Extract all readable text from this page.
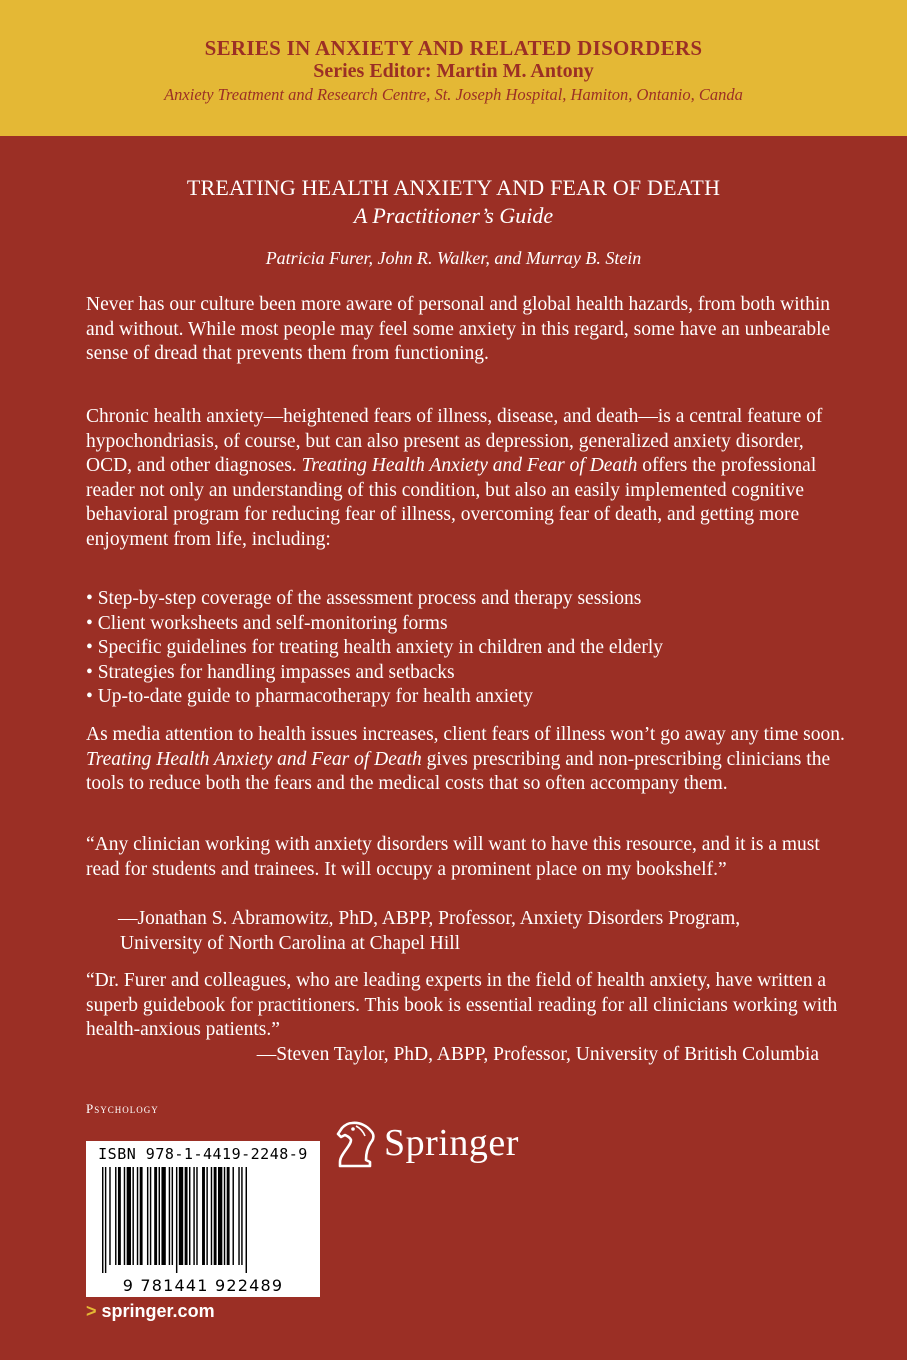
SERIES IN ANXIETY AND RELATED DISORDERS
Series Editor: Martin M. Antony
Anxiety Treatment and Research Centre, St. Joseph Hospital, Hamiton, Ontanio, Canda
TREATING HEALTH ANXIETY AND FEAR OF DEATH
A Practitioner’s Guide
Patricia Furer, John R. Walker, and Murray B. Stein

Never has our culture been more aware of personal and global health hazards, from both within and without. While most people may feel some anxiety in this regard, some have an unbearable sense of dread that prevents them from functioning.

Chronic health anxiety—heightened fears of illness, disease, and death—is a central feature of hypochondriasis, of course, but can also present as depression, generalized anxiety disorder, OCD, and other diagnoses. Treating Health Anxiety and Fear of Death offers the professional reader not only an understanding of this condition, but also an easily implemented cognitive behavioral program for reducing fear of illness, overcoming fear of death, and getting more enjoyment from life, including:

• Step-by-step coverage of the assessment process and therapy sessions
• Client worksheets and self-monitoring forms
• Specific guidelines for treating health anxiety in children and the elderly
• Strategies for handling impasses and setbacks
• Up-to-date guide to pharmacotherapy for health anxiety

As media attention to health issues increases, client fears of illness won’t go away any time soon. Treating Health Anxiety and Fear of Death gives prescribing and non-prescribing clinicians the tools to reduce both the fears and the medical costs that so often accompany them.

“Any clinician working with anxiety disorders will want to have this resource, and it is a must read for students and trainees. It will occupy a prominent place on my bookshelf.”

—Jonathan S. Abramowitz, PhD, ABPP, Professor, Anxiety Disorders Program,
University of North Carolina at Chapel Hill

“Dr. Furer and colleagues, who are leading experts in the field of health anxiety, have written a superb guidebook for practitioners. This book is essential reading for all clinicians working with health-anxious patients.”

—Steven Taylor, PhD, ABPP, Professor, University of British Columbia

Psychology
Springer
ISBN 978-1-4419-2248-9
9 781441 922489
> springer.com
